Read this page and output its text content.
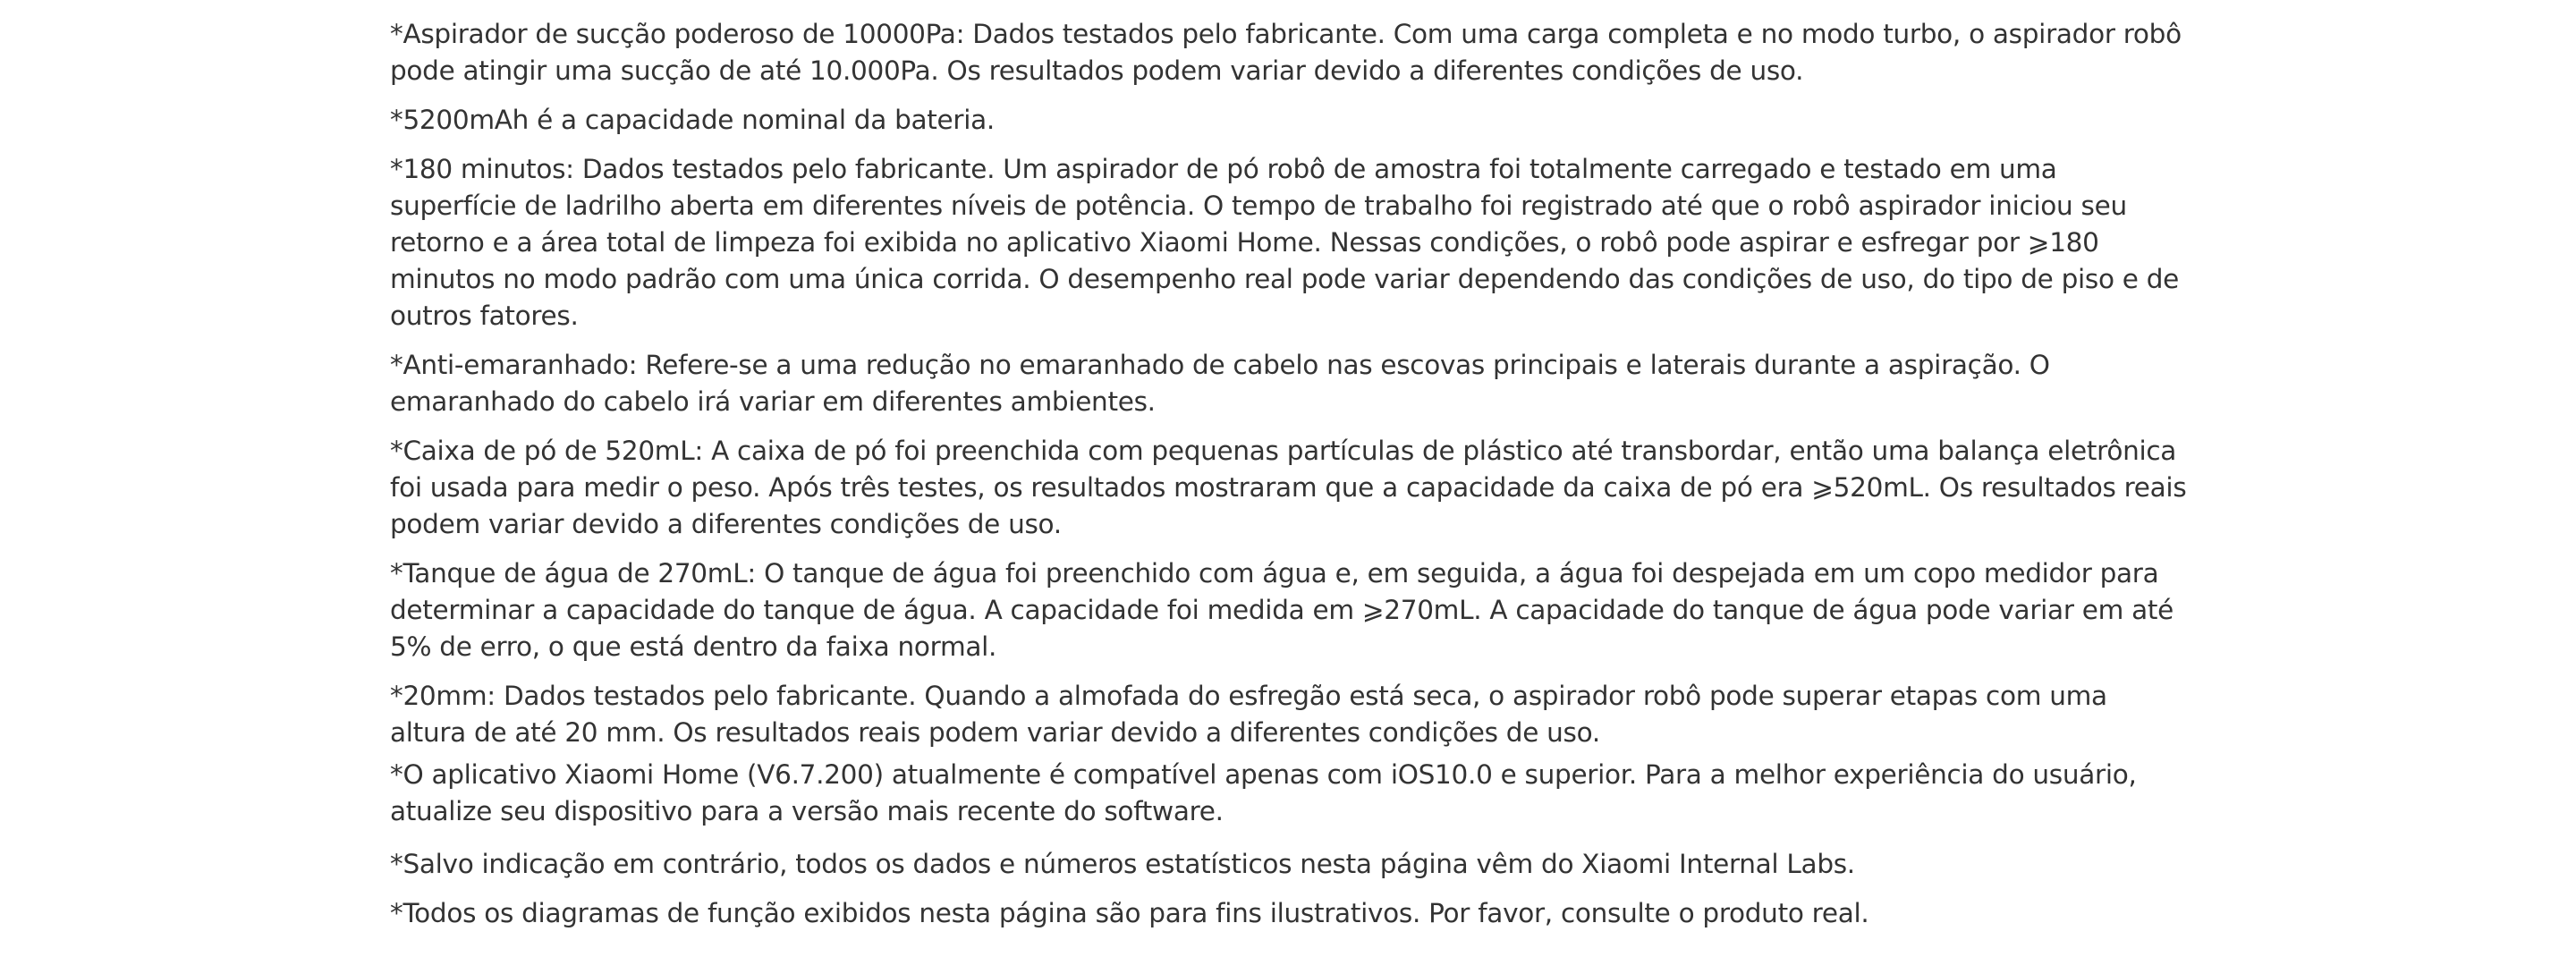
*Aspirador de sucção poderoso de 10000Pa: Dados testados pelo fabricante. Com uma carga completa e no modo turbo, o aspirador robô pode atingir uma sucção de até 10.000Pa. Os resultados podem variar devido a diferentes condições de uso.

*5200mAh é a capacidade nominal da bateria.

*180 minutos: Dados testados pelo fabricante. Um aspirador de pó robô de amostra foi totalmente carregado e testado em uma superfície de ladrilho aberta em diferentes níveis de potência. O tempo de trabalho foi registrado até que o robô aspirador iniciou seu retorno e a área total de limpeza foi exibida no aplicativo Xiaomi Home. Nessas condições, o robô pode aspirar e esfregar por ⩾180 minutos no modo padrão com uma única corrida. O desempenho real pode variar dependendo das condições de uso, do tipo de piso e de outros fatores.

*Anti-emaranhado: Refere-se a uma redução no emaranhado de cabelo nas escovas principais e laterais durante a aspiração. O emaranhado do cabelo irá variar em diferentes ambientes.

*Caixa de pó de 520mL: A caixa de pó foi preenchida com pequenas partículas de plástico até transbordar, então uma balança eletrônica foi usada para medir o peso. Após três testes, os resultados mostraram que a capacidade da caixa de pó era ⩾520mL. Os resultados reais podem variar devido a diferentes condições de uso.

*Tanque de água de 270mL: O tanque de água foi preenchido com água e, em seguida, a água foi despejada em um copo medidor para determinar a capacidade do tanque de água. A capacidade foi medida em ⩾270mL. A capacidade do tanque de água pode variar em até 5% de erro, o que está dentro da faixa normal.

*20mm: Dados testados pelo fabricante. Quando a almofada do esfregão está seca, o aspirador robô pode superar etapas com uma altura de até 20 mm. Os resultados reais podem variar devido a diferentes condições de uso.

*O aplicativo Xiaomi Home (V6.7.200) atualmente é compatível apenas com iOS10.0 e superior. Para a melhor experiência do usuário, atualize seu dispositivo para a versão mais recente do software.

*Salvo indicação em contrário, todos os dados e números estatísticos nesta página vêm do Xiaomi Internal Labs.

*Todos os diagramas de função exibidos nesta página são para fins ilustrativos. Por favor, consulte o produto real.
